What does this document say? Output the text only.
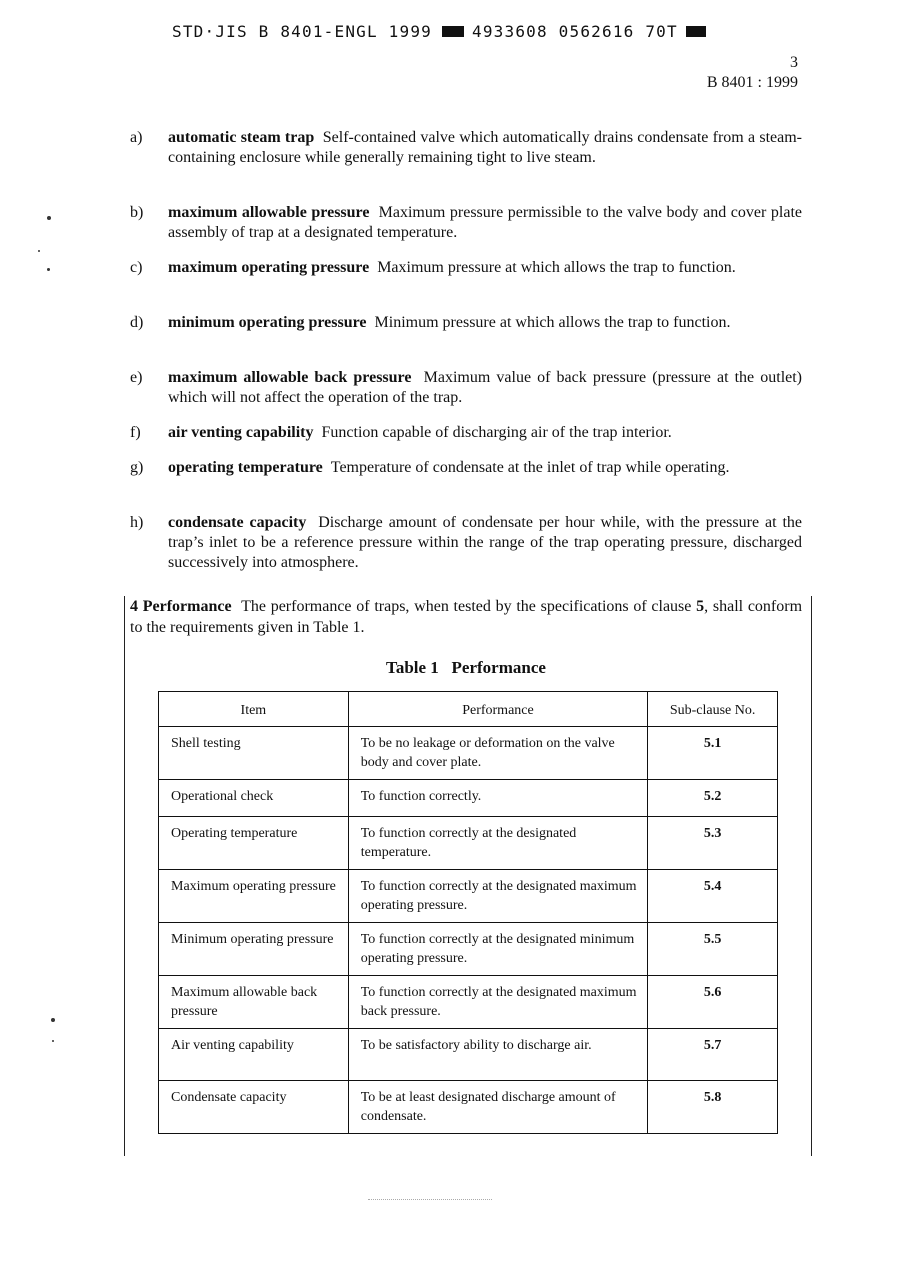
STD·JIS B 8401-ENGL 1999	4933608 0562616 70T
3
B 8401 : 1999
a)	automatic steam trap Self-contained valve which automatically drains condensate from a steam-containing enclosure while generally remaining tight to live steam.
b)	maximum allowable pressure Maximum pressure permissible to the valve body and cover plate assembly of trap at a designated temperature.
c)	maximum operating pressure Maximum pressure at which allows the trap to function.
d)	minimum operating pressure Minimum pressure at which allows the trap to function.
e)	maximum allowable back pressure Maximum value of back pressure (pressure at the outlet) which will not affect the operation of the trap.
f)	air venting capability Function capable of discharging air of the trap interior.
g)	operating temperature Temperature of condensate at the inlet of trap while operating.
h)	condensate capacity Discharge amount of condensate per hour while, with the pressure at the trap’s inlet to be a reference pressure within the range of the trap operating pressure, discharged successively into atmosphere.
4 Performance The performance of traps, when tested by the specifications of clause 5, shall conform to the requirements given in Table 1.
Table 1   Performance
Item	Performance	Sub-clause No.
Shell testing	To be no leakage or deformation on the valve body and cover plate.	5.1
Operational check	To function correctly.	5.2
Operating temperature	To function correctly at the designated temperature.	5.3
Maximum operating pressure	To function correctly at the designated maximum operating pressure.	5.4
Minimum operating pressure	To function correctly at the designated minimum operating pressure.	5.5
Maximum allowable back pressure	To function correctly at the designated maximum back pressure.	5.6
Air venting capability	To be satisfactory ability to discharge air.	5.7
Condensate capacity	To be at least designated discharge amount of condensate.	5.8
